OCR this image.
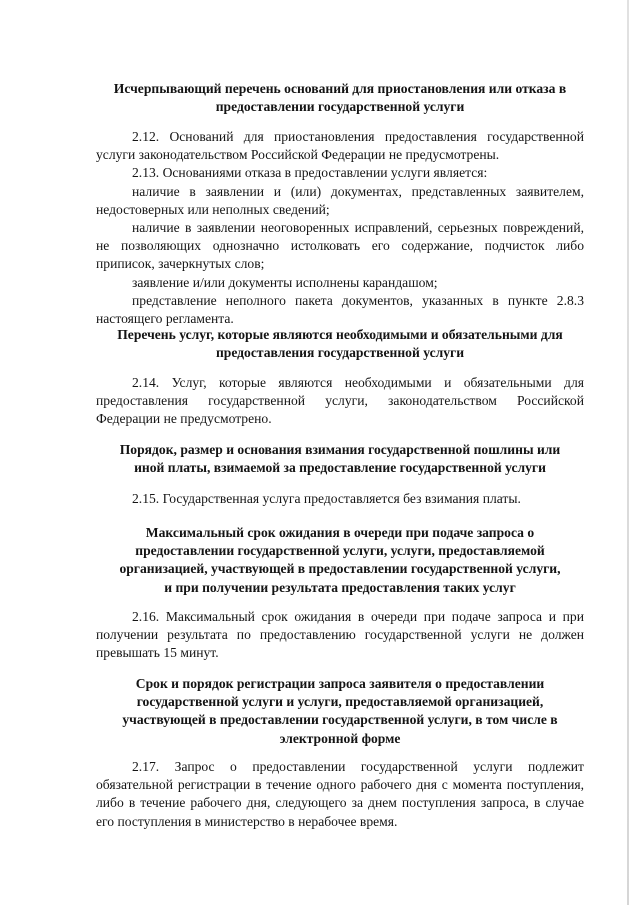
Исчерпывающий перечень оснований для приостановления или отказа в
предоставлении государственной услуги

2.12. Оснований для приостановления предоставления государственной услуги законодательством Российской Федерации не предусмотрены.

2.13. Основаниями отказа в предоставлении услуги является:

наличие в заявлении и (или) документах, представленных заявителем, недостоверных или неполных сведений;

наличие в заявлении неоговоренных исправлений, серьезных повреждений, не позволяющих однозначно истолковать его содержание, подчисток либо приписок, зачеркнутых слов;

заявление и/или документы исполнены карандашом;

представление неполного пакета документов, указанных в пункте 2.8.3 настоящего регламента.

Перечень услуг, которые являются необходимыми и обязательными для
предоставления государственной услуги

2.14. Услуг, которые являются необходимыми и обязательными для предоставления государственной услуги, законодательством Российской Федерации не предусмотрено.

Порядок, размер и основания взимания государственной пошлины или
иной платы, взимаемой за предоставление государственной услуги

2.15. Государственная услуга предоставляется без взимания платы.

Максимальный срок ожидания в очереди при подаче запроса о
предоставлении государственной услуги, услуги, предоставляемой
организацией, участвующей в предоставлении государственной услуги,
и при получении результата предоставления таких услуг

2.16. Максимальный срок ожидания в очереди при подаче запроса и при получении результата по предоставлению государственной услуги не должен превышать 15 минут.

Срок и порядок регистрации запроса заявителя о предоставлении
государственной услуги и услуги, предоставляемой организацией,
участвующей в предоставлении государственной услуги, в том числе в
электронной форме

2.17. Запрос о предоставлении государственной услуги подлежит обязательной регистрации в течение одного рабочего дня с момента поступления, либо в течение рабочего дня, следующего за днем поступления запроса, в случае его поступления в министерство в нерабочее время.
